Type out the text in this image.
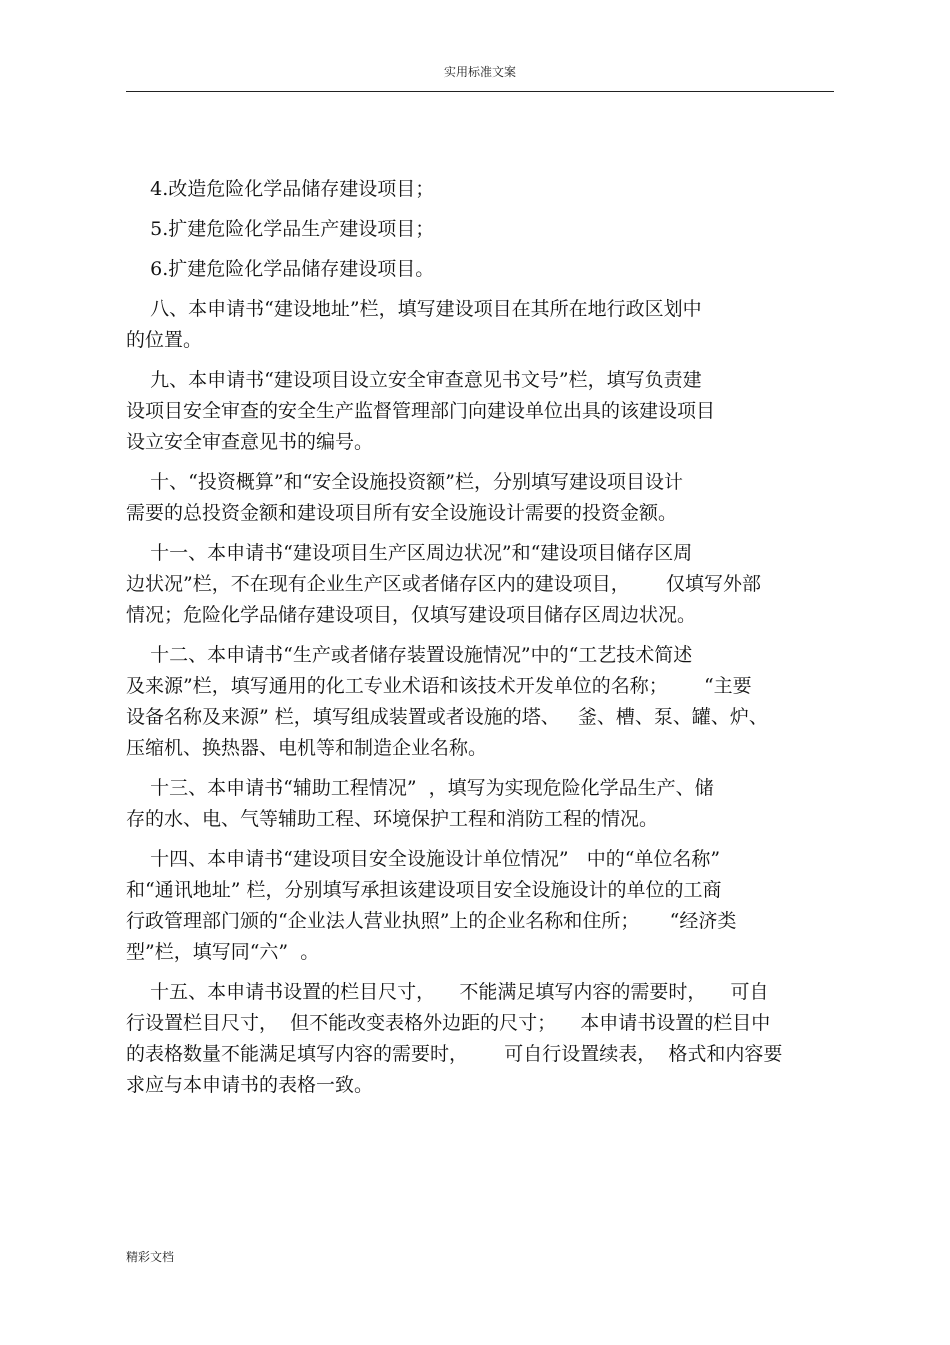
实用标准文案
4.改造危险化学品储存建设项目；
5.扩建危险化学品生产建设项目；
6.扩建危险化学品储存建设项目。
八、本申请书“建设地址”栏，填写建设项目在其所在地行政区划中
的位置。
九、本申请书“建设项目设立安全审查意见书文号”栏，填写负责建
设项目安全审查的安全生产监督管理部门向建设单位出具的该建设项目
设立安全审查意见书的编号。
十、“投资概算”和“安全设施投资额”栏，分别填写建设项目设计
需要的总投资金额和建设项目所有安全设施设计需要的投资金额。
十一、本申请书“建设项目生产区周边状况”和“建设项目储存区周
边状况”栏，不在现有企业生产区或者储存区内的建设项目，      仅填写外部
情况；危险化学品储存建设项目，仅填写建设项目储存区周边状况。
十二、本申请书“生产或者储存装置设施情况”中的“工艺技术简述
及来源”栏，填写通用的化工专业术语和该技术开发单位的名称；      “主要
设备名称及来源” 栏，填写组成装置或者设施的塔、   釜、槽、泵、罐、炉、
压缩机、换热器、电机等和制造企业名称。
十三、本申请书“辅助工程情况”  ，填写为实现危险化学品生产、储
存的水、电、气等辅助工程、环境保护工程和消防工程的情况。
十四、本申请书“建设项目安全设施设计单位情况”   中的“单位名称”
和“通讯地址” 栏，分别填写承担该建设项目安全设施设计的单位的工商
行政管理部门颁的“企业法人营业执照”上的企业名称和住所；     “经济类
型”栏，填写同“六”  。
十五、本申请书设置的栏目尺寸，    不能满足填写内容的需要时，    可自
行设置栏目尺寸，  但不能改变表格外边距的尺寸；    本申请书设置的栏目中
的表格数量不能满足填写内容的需要时，      可自行设置续表，  格式和内容要
求应与本申请书的表格一致。
精彩文档
